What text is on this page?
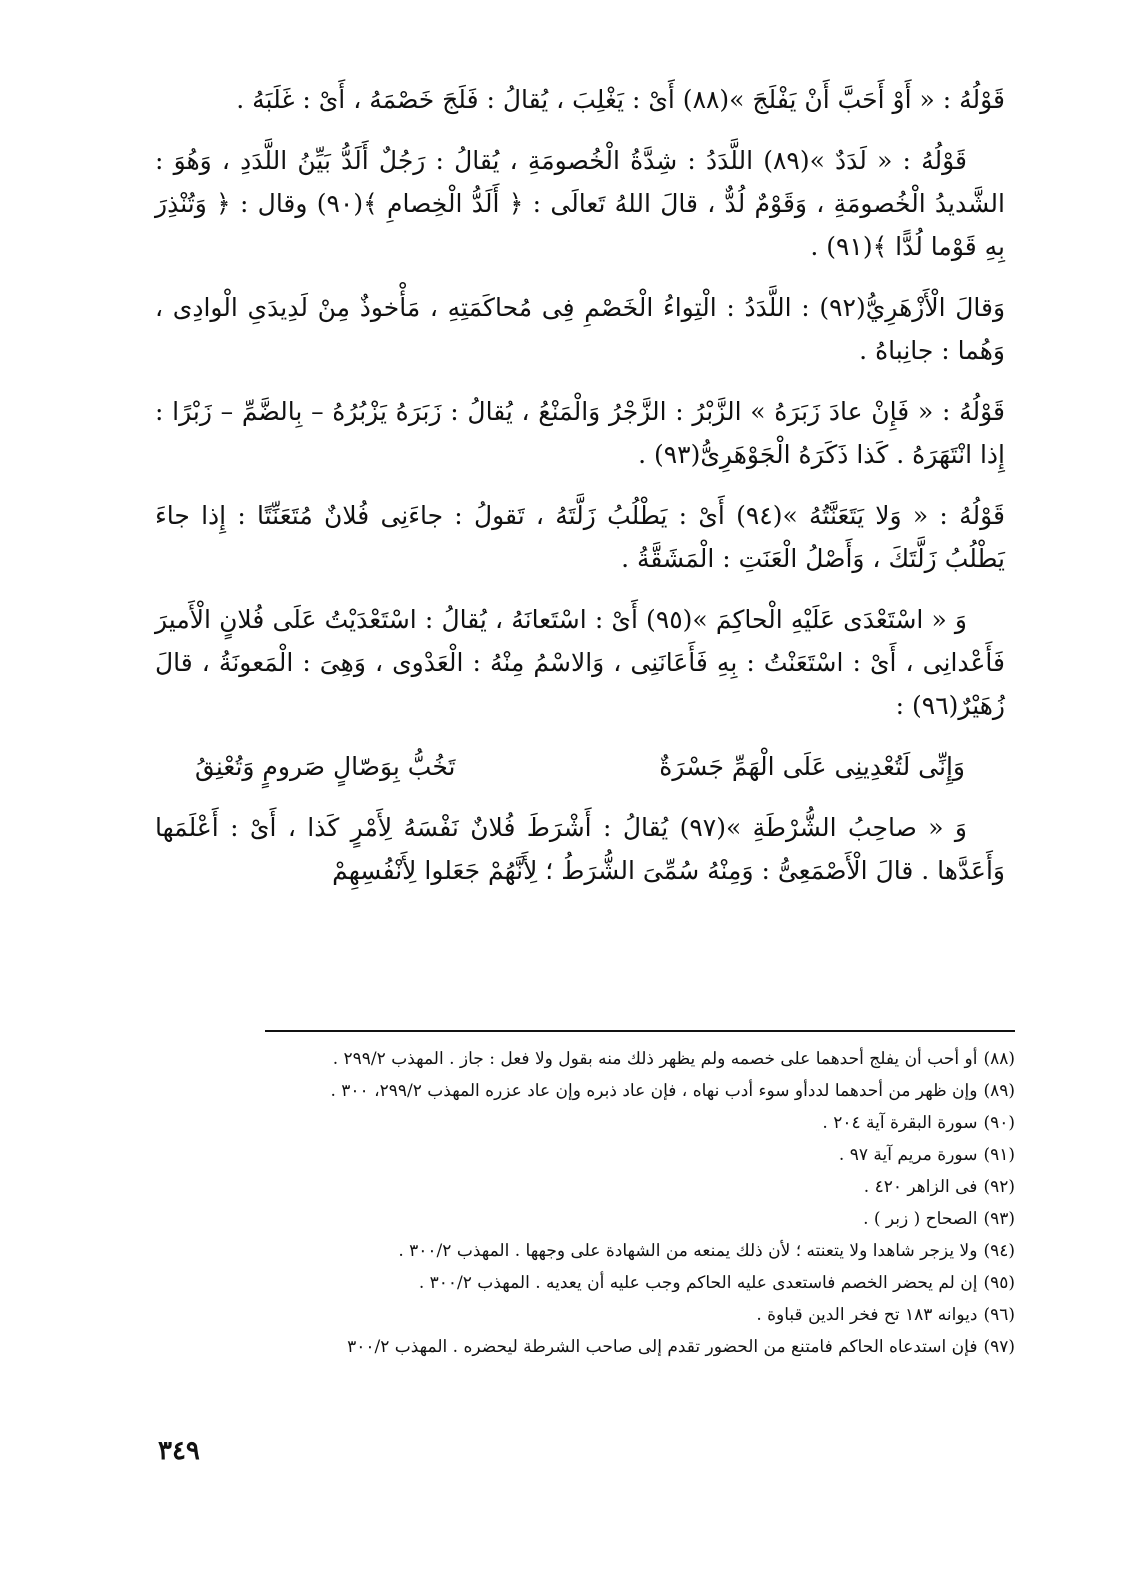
قَوْلُهُ : « أَوْ أَحَبَّ أَنْ يَفْلَجَ »(٨٨) أَىْ : يَغْلِبَ ، يُقالُ : فَلَجَ خَصْمَهُ ، أَىْ : غَلَبَهُ .

قَوْلُهُ : « لَدَدٌ »(٨٩) اللَّدَدُ : شِدَّةُ الْخُصومَةِ ، يُقالُ : رَجُلٌ أَلَدُّ بَيِّنُ اللَّدَدِ ، وَهُوَ : الشَّديدُ الْخُصومَةِ ، وَقَوْمٌ لُدٌّ ، قالَ اللهُ تَعالَى : ﴿ أَلَدُّ الْخِصامِ ﴾(٩٠) وقال : ﴿ وَتُنْذِرَ بِهِ قَوْما لُدًّا ﴾(٩١) .

وَقالَ الْأَزْهَرِيُّ(٩٢) : اللَّدَدُ : الْتِواءُ الْخَصْمِ فِى مُحاكَمَتِهِ ، مَأْخوذٌ مِنْ لَدِيدَىِ الْوادِى ، وَهُما : جانِباهُ .

قَوْلُهُ : « فَإِنْ عادَ زَبَرَهُ » الزَّبْرُ : الزَّجْرُ وَالْمَنْعُ ، يُقالُ : زَبَرَهُ يَزْبُرُهُ – بِالضَّمِّ – زَبْرًا : إِذا انْتَهَرَهُ . كَذا ذَكَرَهُ الْجَوْهَرِىُّ(٩٣) .

قَوْلُهُ : « وَلا يَتَعَنَّتُهُ »(٩٤) أَىْ : يَطْلُبُ زَلَّتَهُ ، تَقولُ : جاءَنِى فُلانٌ مُتَعَنِّتًا : إِذا جاءَ يَطْلُبُ زَلَّتَكَ ، وَأَصْلُ الْعَنَتِ : الْمَشَقَّةُ .

وَ « اسْتَعْدَى عَلَيْهِ الْحاكِمَ »(٩٥) أَىْ : اسْتَعانَهُ ، يُقالُ : اسْتَعْدَيْتُ عَلَى فُلانٍ الْأَميرَ فَأَعْدانِى ، أَىْ : اسْتَعَنْتُ : بِهِ فَأَعَانَنِى ، وَالاسْمُ مِنْهُ : الْعَدْوى ، وَهِىَ : الْمَعونَةُ ، قالَ زُهَيْرٌ(٩٦) :

وَإِنِّى لَتُعْدِينِى عَلَى الْهَمِّ جَسْرَةٌ
تَخُبُّ بِوَصّالٍ صَرومٍ وَتُعْنِقُ

وَ « صاحِبُ الشُّرْطَةِ »(٩٧) يُقالُ : أَشْرَطَ فُلانٌ نَفْسَهُ لِأَمْرٍ كَذا ، أَىْ : أَعْلَمَها وَأَعَدَّها . قالَ الْأَصْمَعِىُّ : وَمِنْهُ سُمِّىَ الشُّرَطُ ؛ لِأَنَّهُمْ جَعَلوا لِأَنْفُسِهِمْ

(٨٨)أو أحب أن يفلج أحدهما على خصمه ولم يظهر ذلك منه بقول ولا فعل : جاز . المهذب ٢٩٩/٢ .
(٨٩)وإن ظهر من أحدهما لددأو سوء أدب نهاه ، فإن عاد ذبره وإن عاد عزره المهذب ٢٩٩/٢، ٣٠٠ .
(٩٠)سورة البقرة آية ٢٠٤ .
(٩١)سورة مريم آية ٩٧ .
(٩٢)فى الزاهر ٤٢٠ .
(٩٣)الصحاح ( زبر ) .
(٩٤)ولا يزجر شاهدا ولا يتعنته ؛ لأن ذلك يمنعه من الشهادة على وجهها . المهذب ٣٠٠/٢ .
(٩٥)إن لم يحضر الخصم فاستعدى عليه الحاكم وجب عليه أن يعديه . المهذب ٣٠٠/٢ .
(٩٦)ديوانه ١٨٣ تح فخر الدين قباوة .
(٩٧)فإن استدعاه الحاكم فامتنع من الحضور تقدم إلى صاحب الشرطة ليحضره . المهذب ٣٠٠/٢
٣٤٩
